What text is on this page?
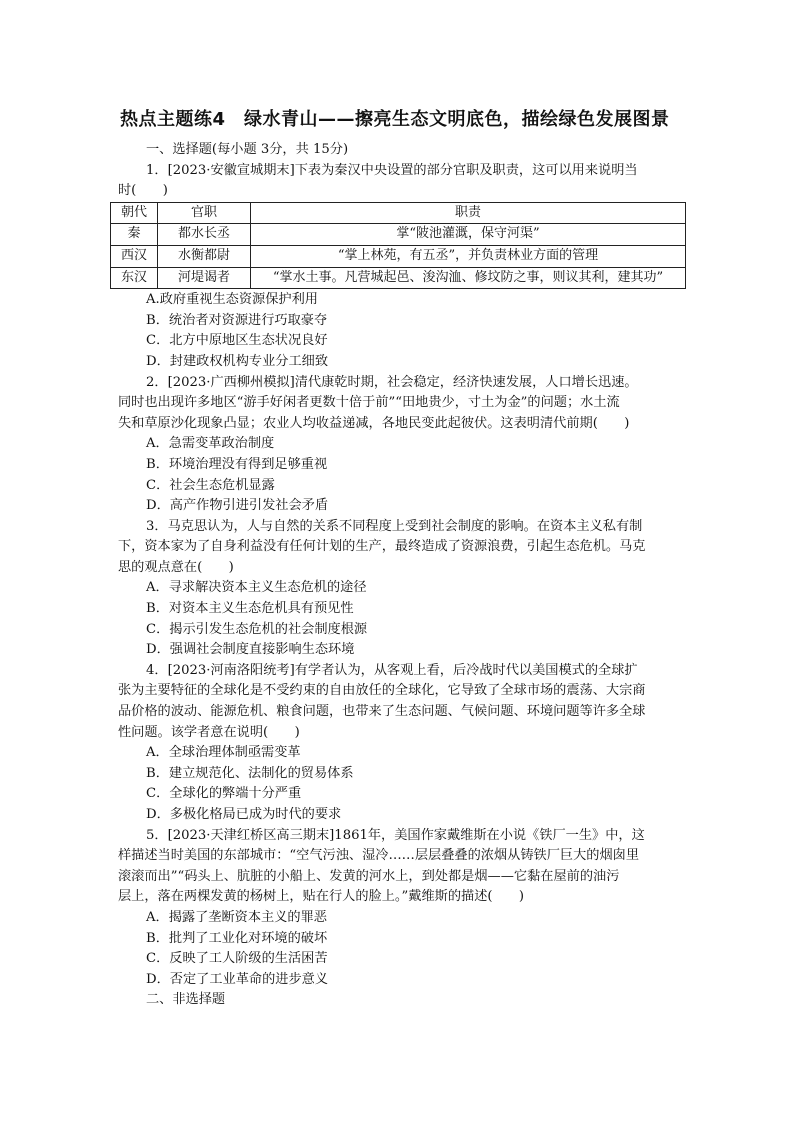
热点主题练4　绿水青山——擦亮生态文明底色，描绘绿色发展图景
一、选择题(每小题 3分，共 15分)
1．[2023·安徽宣城期末]下表为秦汉中央设置的部分官职及职责，这可以用来说明当
时(　　)
朝代	官职	职责
秦	都水长丞	掌“陂池灌溉，保守河渠”
西汉	水衡都尉	“掌上林苑，有五丞”，并负责林业方面的管理
东汉	河堤谒者	“掌水土事。凡营城起邑、浚沟洫、修坟防之事，则议其利，建其功”
A.政府重视生态资源保护利用
B．统治者对资源进行巧取豪夺
C．北方中原地区生态状况良好
D．封建政权机构专业分工细致
2．[2023·广西柳州模拟]清代康乾时期，社会稳定，经济快速发展，人口增长迅速。
同时也出现许多地区“游手好闲者更数十倍于前”“田地贵少，寸土为金”的问题；水土流
失和草原沙化现象凸显；农业人均收益递减，各地民变此起彼伏。这表明清代前期(　　)
A．急需变革政治制度
B．环境治理没有得到足够重视
C．社会生态危机显露
D．高产作物引进引发社会矛盾
3．马克思认为，人与自然的关系不同程度上受到社会制度的影响。在资本主义私有制
下，资本家为了自身利益没有任何计划的生产，最终造成了资源浪费，引起生态危机。马克
思的观点意在(　　)
A．寻求解决资本主义生态危机的途径
B．对资本主义生态危机具有预见性
C．揭示引发生态危机的社会制度根源
D．强调社会制度直接影响生态环境
4．[2023·河南洛阳统考]有学者认为，从客观上看，后冷战时代以美国模式的全球扩
张为主要特征的全球化是不受约束的自由放任的全球化，它导致了全球市场的震荡、大宗商
品价格的波动、能源危机、粮食问题，也带来了生态问题、气候问题、环境问题等许多全球
性问题。该学者意在说明(　　)
A．全球治理体制亟需变革
B．建立规范化、法制化的贸易体系
C．全球化的弊端十分严重
D．多极化格局已成为时代的要求
5．[2023·天津红桥区高三期末]1861年，美国作家戴维斯在小说《铁厂一生》中，这
样描述当时美国的东部城市：“空气污浊、湿冷……层层叠叠的浓烟从铸铁厂巨大的烟囱里
滚滚而出”“码头上、肮脏的小船上、发黄的河水上，到处都是烟——它黏在屋前的油污
层上，落在两棵发黄的杨树上，贴在行人的脸上。”戴维斯的描述(　　)
A．揭露了垄断资本主义的罪恶
B．批判了工业化对环境的破坏
C．反映了工人阶级的生活困苦
D．否定了工业革命的进步意义
二、非选择题
